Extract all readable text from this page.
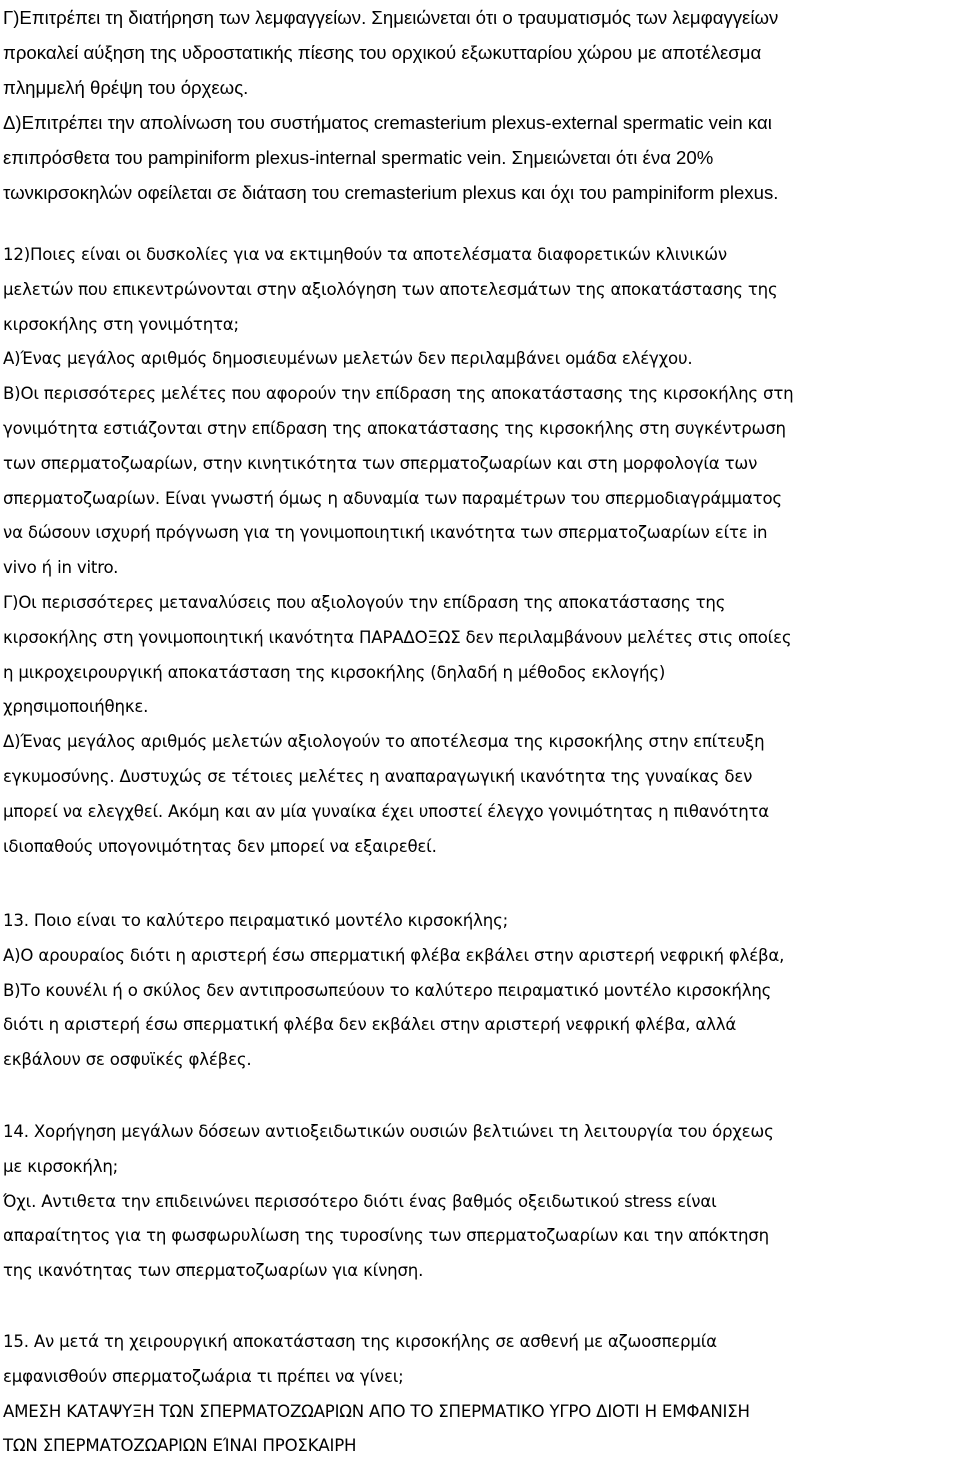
Γ)Επιτρέπει τη διατήρηση των λεμφαγγείων. Σημειώνεται ότι ο τραυματισμός των λεμφαγγείων
προκαλεί αύξηση της υδροστατικής πίεσης του ορχικού εξωκυτταρίου χώρου με αποτέλεσμα
πλημμελή θρέψη του όρχεως.
Δ)Επιτρέπει την απολίνωση του συστήματος cremasterium plexus-external spermatic vein και
επιπρόσθετα του pampiniform plexus-internal spermatic vein. Σημειώνεται ότι ένα 20%
τωνκιρσοκηλών οφείλεται σε διάταση του cremasterium plexus και όχι του pampiniform plexus.
12)Ποιες είναι οι δυσκολίες για να εκτιμηθούν τα αποτελέσματα διαφορετικών κλινικών
μελετών που επικεντρώνονται στην αξιολόγηση των αποτελεσμάτων της αποκατάστασης της
κιρσοκήλης στη γονιμότητα;
Α)Ένας μεγάλος αριθμός δημοσιευμένων μελετών δεν περιλαμβάνει ομάδα ελέγχου.
Β)Οι περισσότερες μελέτες που αφορούν την επίδραση της αποκατάστασης της κιρσοκήλης στη
γονιμότητα εστιάζονται στην επίδραση της αποκατάστασης της κιρσοκήλης στη συγκέντρωση
των σπερματοζωαρίων, στην κινητικότητα των σπερματοζωαρίων και στη μορφολογία των
σπερματοζωαρίων. Είναι γνωστή όμως η αδυναμία των παραμέτρων του σπερμοδιαγράμματος
να δώσουν ισχυρή πρόγνωση για τη γονιμοποιητική ικανότητα των σπερματοζωαρίων είτε in
vivo ή in vitro.
Γ)Οι περισσότερες μεταναλύσεις που αξιολογούν την επίδραση της αποκατάστασης της
κιρσοκήλης στη γονιμοποιητική ικανότητα ΠΑΡΑΔΟΞΩΣ δεν περιλαμβάνουν μελέτες στις οποίες
η μικροχειρουργική αποκατάσταση της κιρσοκήλης (δηλαδή η μέθοδος εκλογής)
χρησιμοποιήθηκε.
Δ)Ένας μεγάλος αριθμός μελετών αξιολογούν το αποτέλεσμα της κιρσοκήλης στην επίτευξη
εγκυμοσύνης. Δυστυχώς σε τέτοιες μελέτες η αναπαραγωγική ικανότητα της γυναίκας δεν
μπορεί να ελεγχθεί. Ακόμη και αν μία γυναίκα έχει υποστεί έλεγχο γονιμότητας η πιθανότητα
ιδιοπαθούς υπογονιμότητας δεν μπορεί να εξαιρεθεί.
13. Ποιο είναι το καλύτερο πειραματικό μοντέλο κιρσοκήλης;
Α)Ο αρουραίος διότι η αριστερή έσω σπερματική φλέβα εκβάλει στην αριστερή νεφρική φλέβα,
Β)Το κουνέλι ή ο σκύλος δεν αντιπροσωπεύουν το καλύτερο πειραματικό μοντέλο κιρσοκήλης
διότι η αριστερή έσω σπερματική φλέβα δεν εκβάλει στην αριστερή νεφρική φλέβα, αλλά
εκβάλουν σε οσφυϊκές φλέβες.
14. Χορήγηση μεγάλων δόσεων αντιοξειδωτικών ουσιών βελτιώνει τη λειτουργία του όρχεως
με κιρσοκήλη;
Όχι. Αντιθετα την επιδεινώνει περισσότερο διότι ένας βαθμός οξειδωτικού stress είναι
απαραίτητος για τη φωσφωρυλίωση της τυροσίνης των σπερματοζωαρίων και την απόκτηση
της ικανότητας των σπερματοζωαρίων για κίνηση.
15. Αν μετά τη χειρουργική αποκατάσταση της κιρσοκήλης σε ασθενή με αζωοσπερμία
εμφανισθούν σπερματοζωάρια τι πρέπει να γίνει;
ΑΜΕΣΗ ΚΑΤΑΨΥΞΗ ΤΩΝ ΣΠΕΡΜΑΤΟΖΩΑΡΙΩΝ ΑΠΟ ΤΟ ΣΠΕΡΜΑΤΙΚΟ ΥΓΡΟ ΔΙΟΤΙ Η ΕΜΦΑΝΙΣΗ
ΤΩΝ ΣΠΕΡΜΑΤΟΖΩΑΡΙΩΝ ΕΊΝΑΙ ΠΡΟΣΚΑΙΡΗ
